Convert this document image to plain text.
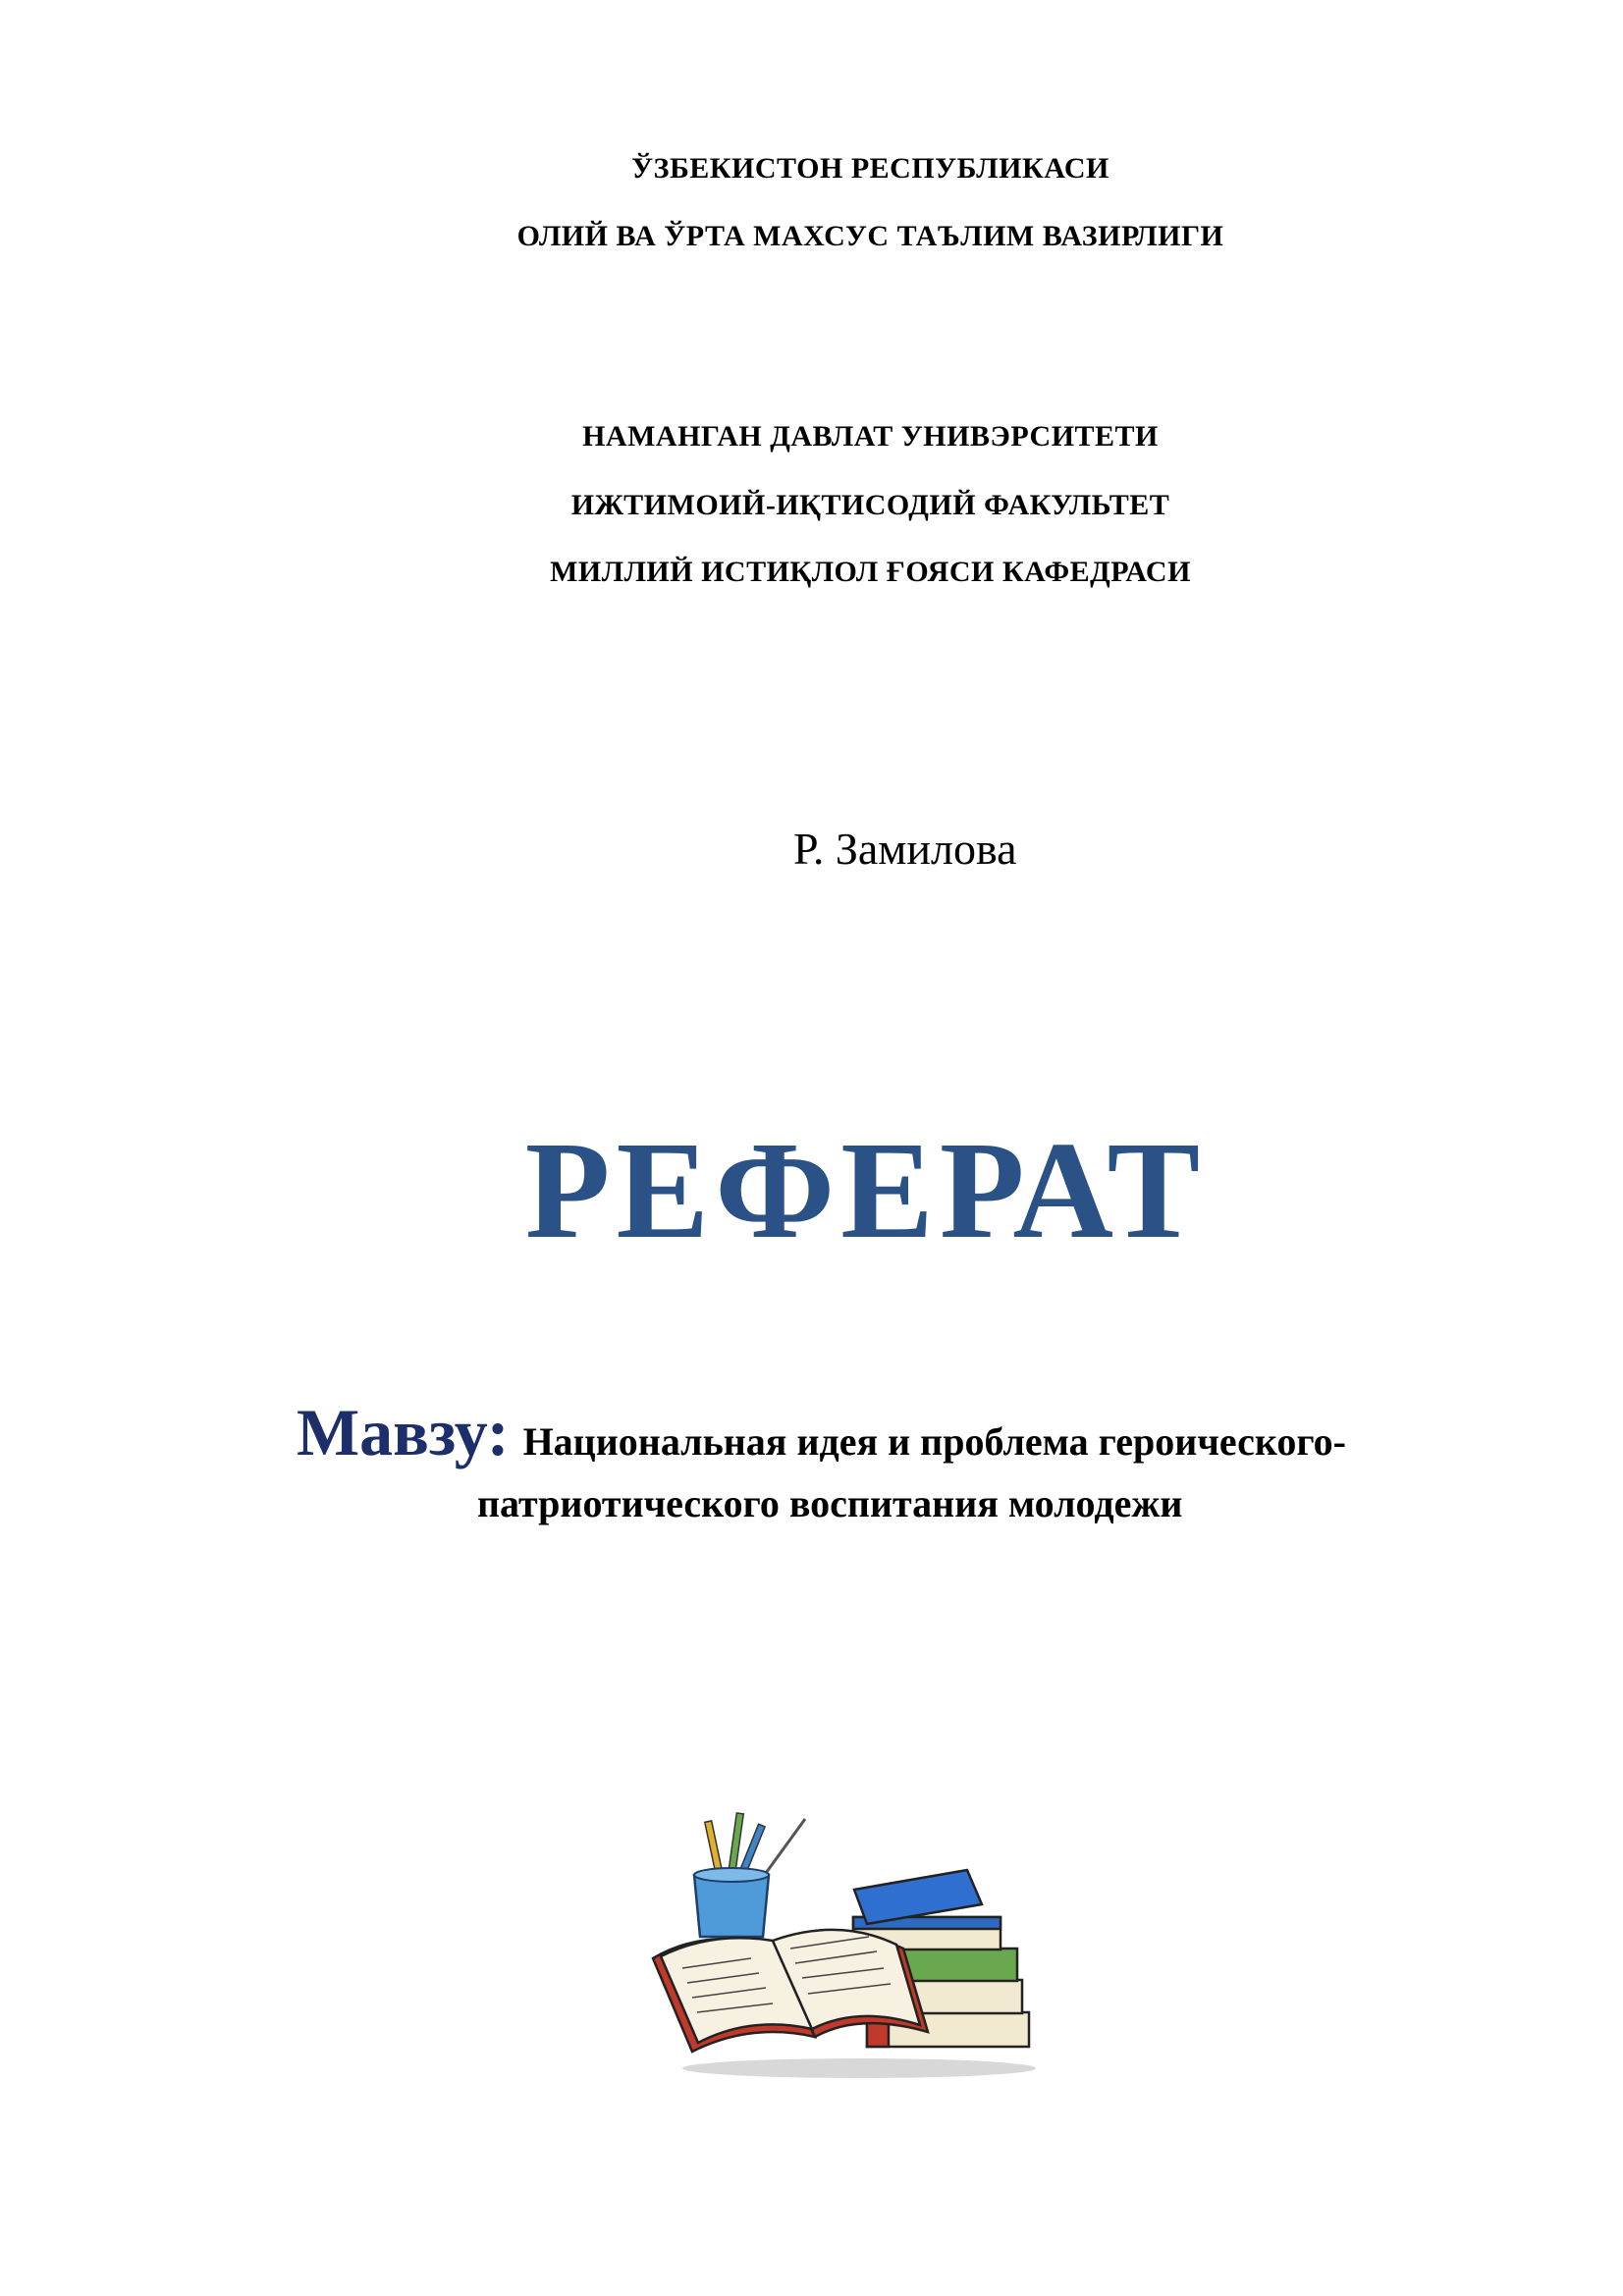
ЎЗБЕКИСТОН РЕСПУБЛИКАСИ
ОЛИЙ ВА ЎРТА МАХСУС ТАЪЛИМ ВАЗИРЛИГИ
НАМАНГАН ДАВЛАТ УНИВЭРСИТЕТИ
ИЖТИМОИЙ-ИҚТИСОДИЙ ФАКУЛЬТЕТ
МИЛЛИЙ ИСТИҚЛОЛ ҒОЯСИ КАФЕДРАСИ
Р. Замилова
РЕФЕРАТ
Мавзу: Национальная идея и проблема героического-
патриотического воспитания молодежи
